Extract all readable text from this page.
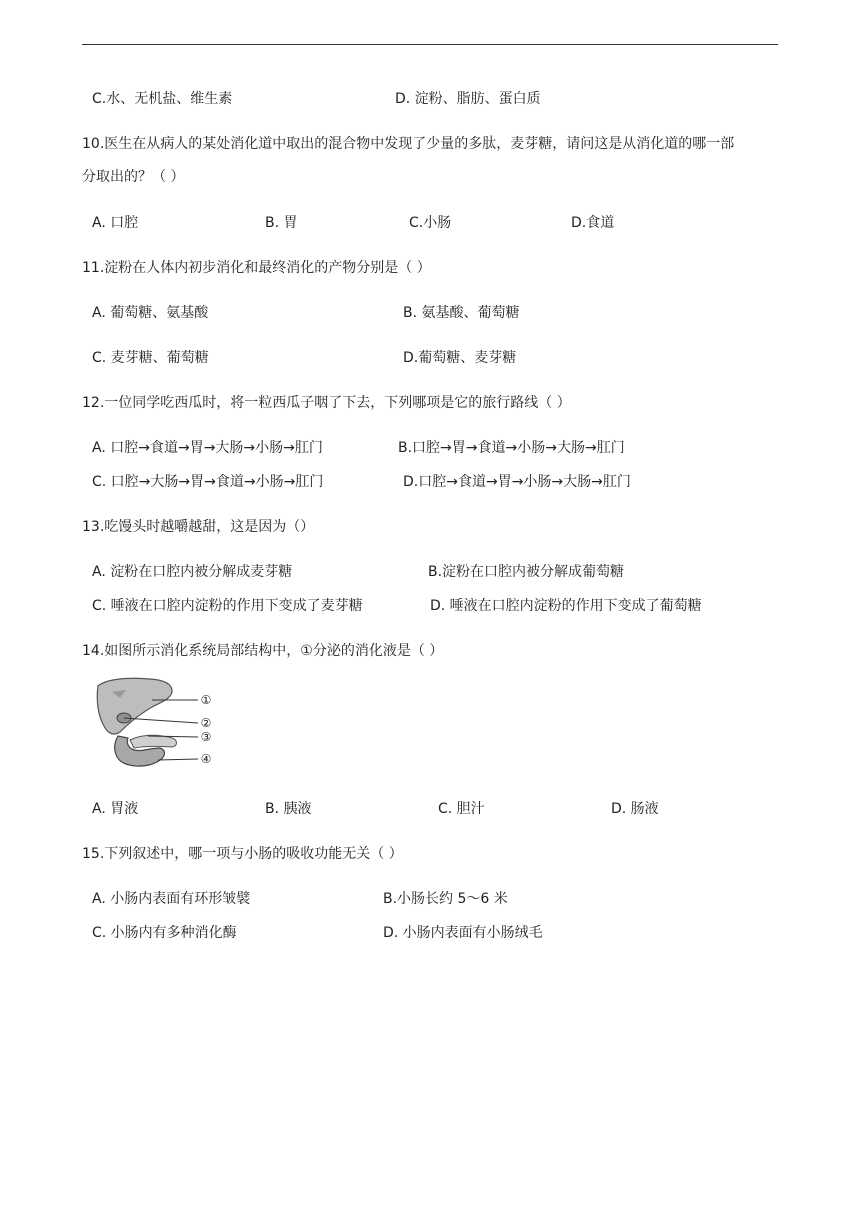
C.水、无机盐、维生素	D. 淀粉、脂肪、蛋白质
10.医生在从病人的某处消化道中取出的混合物中发现了少量的多肽，麦芽糖，请问这是从消化道的哪一部
分取出的？（ ）
A. 口腔	B. 胃	C.小肠	D.食道
11.淀粉在人体内初步消化和最终消化的产物分别是（ ）
A. 葡萄糖、氨基酸	B. 氨基酸、葡萄糖
C. 麦芽糖、葡萄糖	D.葡萄糖、麦芽糖
12.一位同学吃西瓜时，将一粒西瓜子咽了下去，下列哪项是它的旅行路线（ ）
A. 口腔→食道→胃→大肠→小肠→肛门	B.口腔→胃→食道→小肠→大肠→肛门
C. 口腔→大肠→胃→食道→小肠→肛门	D.口腔→食道→胃→小肠→大肠→肛门
13.吃馒头时越嚼越甜，这是因为（）
A. 淀粉在口腔内被分解成麦芽糖	B.淀粉在口腔内被分解成葡萄糖
C. 唾液在口腔内淀粉的作用下变成了麦芽糖	D. 唾液在口腔内淀粉的作用下变成了葡萄糖
14.如图所示消化系统局部结构中，①分泌的消化液是（ ）
①
②
③
④
A. 胃液	B. 胰液	C. 胆汁	D. 肠液
15.下列叙述中，哪一项与小肠的吸收功能无关（ ）
A. 小肠内表面有环形皱襞	B.小肠长约 5～6 米
C. 小肠内有多种消化酶	D. 小肠内表面有小肠绒毛
